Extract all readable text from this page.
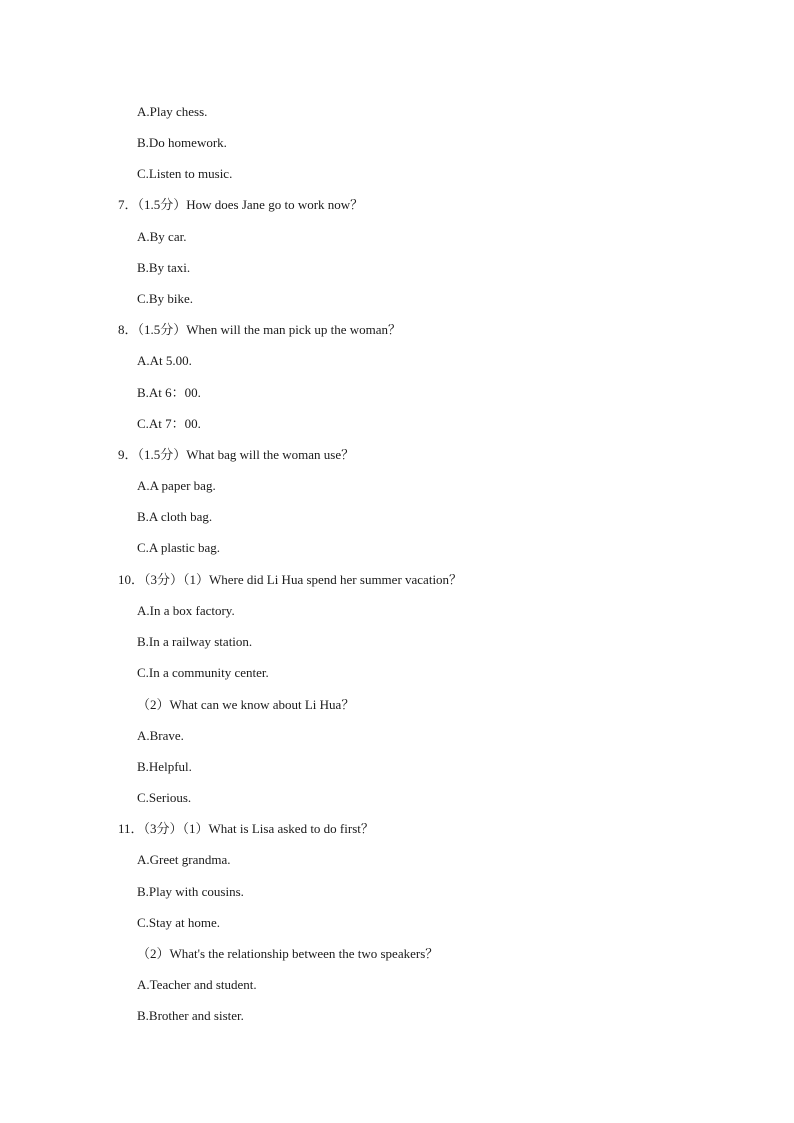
A.Play chess.
B.Do homework.
C.Listen to music.
7．（1.5分）How does Jane go to work now？
A.By car.
B.By taxi.
C.By bike.
8．（1.5分）When will the man pick up the woman？
A.At 5.00.
B.At 6：00.
C.At 7：00.
9．（1.5分）What bag will the woman use？
A.A paper bag.
B.A cloth bag.
C.A plastic bag.
10．（3分）（1）Where did Li Hua spend her summer vacation？
A.In a box factory.
B.In a railway station.
C.In a community center.
（2）What can we know about Li Hua？
A.Brave.
B.Helpful.
C.Serious.
11．（3分）（1）What is Lisa asked to do first？
A.Greet grandma.
B.Play with cousins.
C.Stay at home.
（2）What's the relationship between the two speakers？
A.Teacher and student.
B.Brother and sister.
